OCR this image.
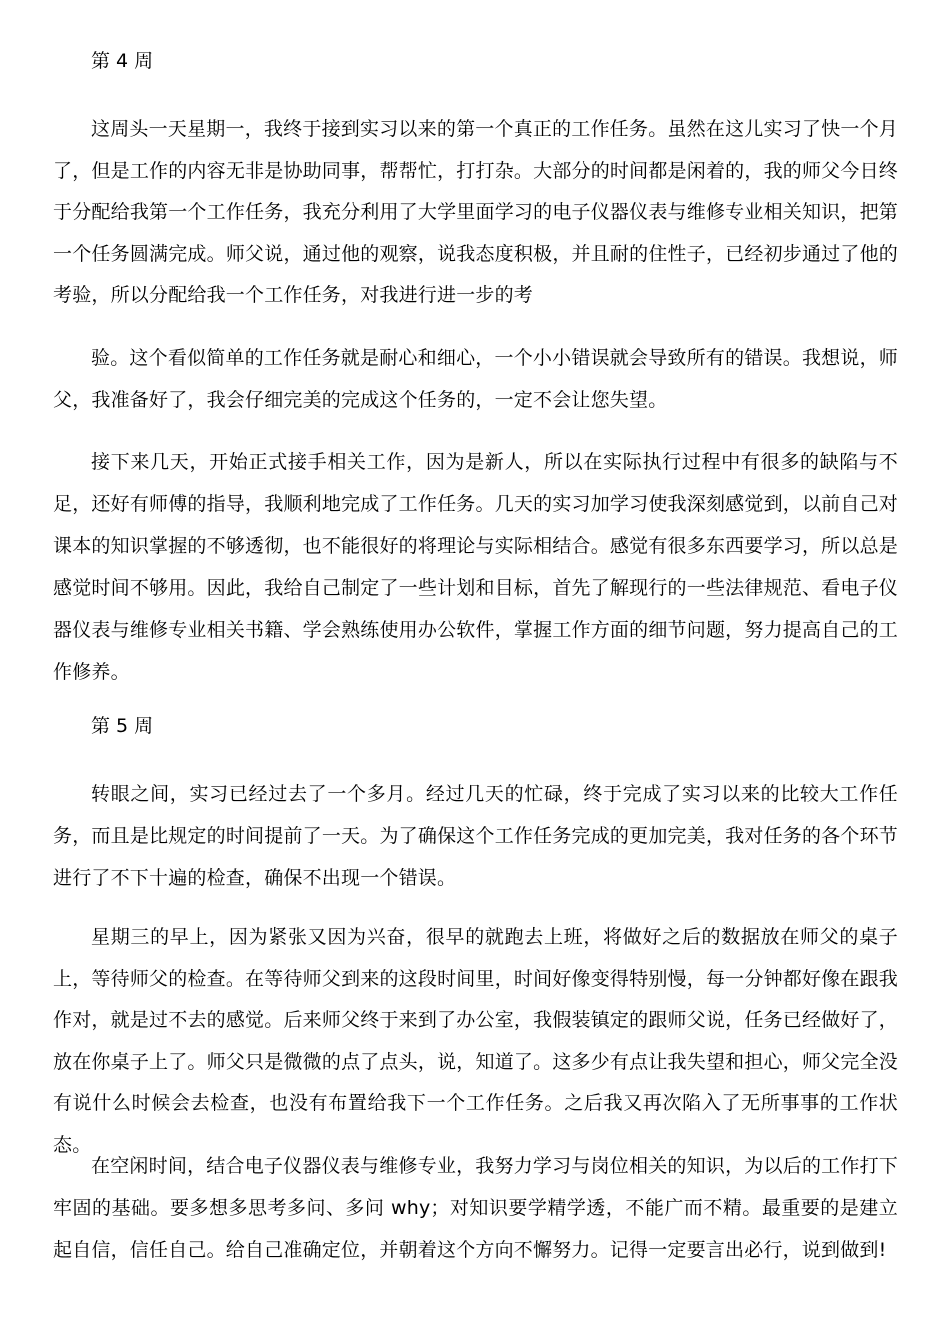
第 4 周

这周头一天星期一，我终于接到实习以来的第一个真正的工作任务。虽然在这儿实习了快一个月了，但是工作的内容无非是协助同事，帮帮忙，打打杂。大部分的时间都是闲着的，我的师父今日终于分配给我第一个工作任务，我充分利用了大学里面学习的电子仪器仪表与维修专业相关知识，把第一个任务圆满完成。师父说，通过他的观察，说我态度积极，并且耐的住性子，已经初步通过了他的考验，所以分配给我一个工作任务，对我进行进一步的考

验。这个看似简单的工作任务就是耐心和细心，一个小小错误就会导致所有的错误。我想说，师父，我准备好了，我会仔细完美的完成这个任务的，一定不会让您失望。

接下来几天，开始正式接手相关工作，因为是新人，所以在实际执行过程中有很多的缺陷与不足，还好有师傅的指导，我顺利地完成了工作任务。几天的实习加学习使我深刻感觉到，以前自己对课本的知识掌握的不够透彻，也不能很好的将理论与实际相结合。感觉有很多东西要学习，所以总是感觉时间不够用。因此，我给自己制定了一些计划和目标，首先了解现行的一些法律规范、看电子仪器仪表与维修专业相关书籍、学会熟练使用办公软件，掌握工作方面的细节问题，努力提高自己的工作修养。

第 5 周

转眼之间，实习已经过去了一个多月。经过几天的忙碌，终于完成了实习以来的比较大工作任务，而且是比规定的时间提前了一天。为了确保这个工作任务完成的更加完美，我对任务的各个环节进行了不下十遍的检查，确保不出现一个错误。

星期三的早上，因为紧张又因为兴奋，很早的就跑去上班，将做好之后的数据放在师父的桌子上，等待师父的检查。在等待师父到来的这段时间里，时间好像变得特别慢，每一分钟都好像在跟我作对，就是过不去的感觉。后来师父终于来到了办公室，我假装镇定的跟师父说，任务已经做好了，放在你桌子上了。师父只是微微的点了点头，说，知道了。这多少有点让我失望和担心，师父完全没有说什么时候会去检查，也没有布置给我下一个工作任务。之后我又再次陷入了无所事事的工作状态。

在空闲时间，结合电子仪器仪表与维修专业，我努力学习与岗位相关的知识，为以后的工作打下牢固的基础。要多想多思考多问、多问 why；对知识要学精学透，不能广而不精。最重要的是建立起自信，信任自己。给自己准确定位，并朝着这个方向不懈努力。记得一定要言出必行，说到做到!
